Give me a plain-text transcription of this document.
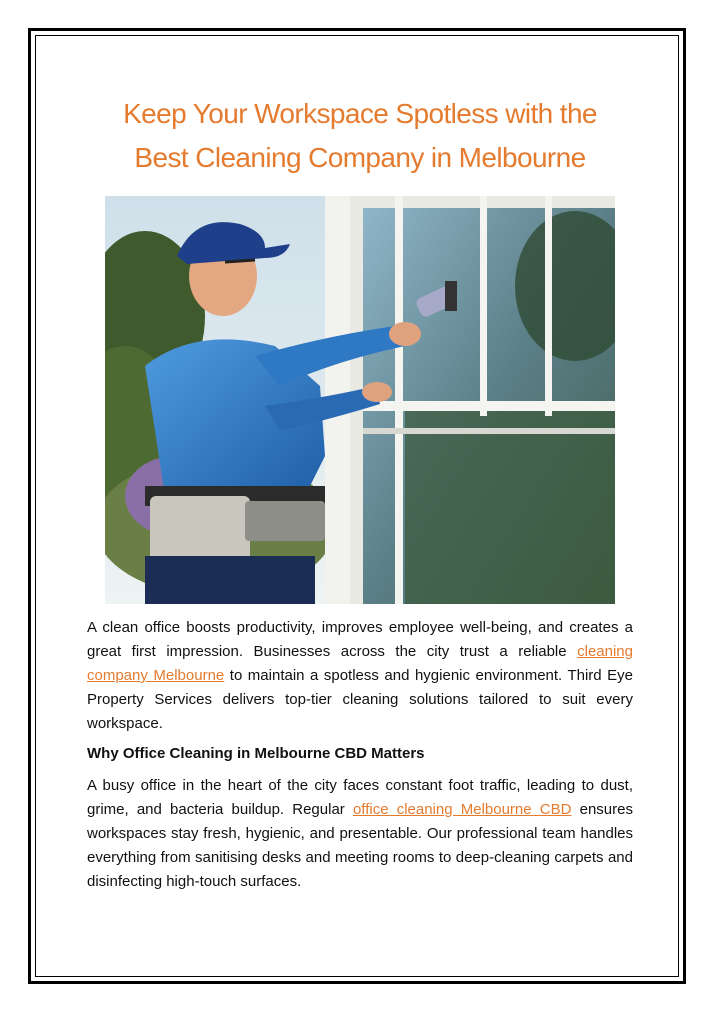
Keep Your Workspace Spotless with the
Best Cleaning Company in Melbourne

A clean office boosts productivity, improves employee well-being, and creates a great first impression. Businesses across the city trust a reliable cleaning company Melbourne to maintain a spotless and hygienic environment. Third Eye Property Services delivers top-tier cleaning solutions tailored to suit every workspace.

Why Office Cleaning in Melbourne CBD Matters

A busy office in the heart of the city faces constant foot traffic, leading to dust, grime, and bacteria buildup. Regular office cleaning Melbourne CBD ensures workspaces stay fresh, hygienic, and presentable. Our professional team handles everything from sanitising desks and meeting rooms to deep-cleaning carpets and disinfecting high-touch surfaces.
